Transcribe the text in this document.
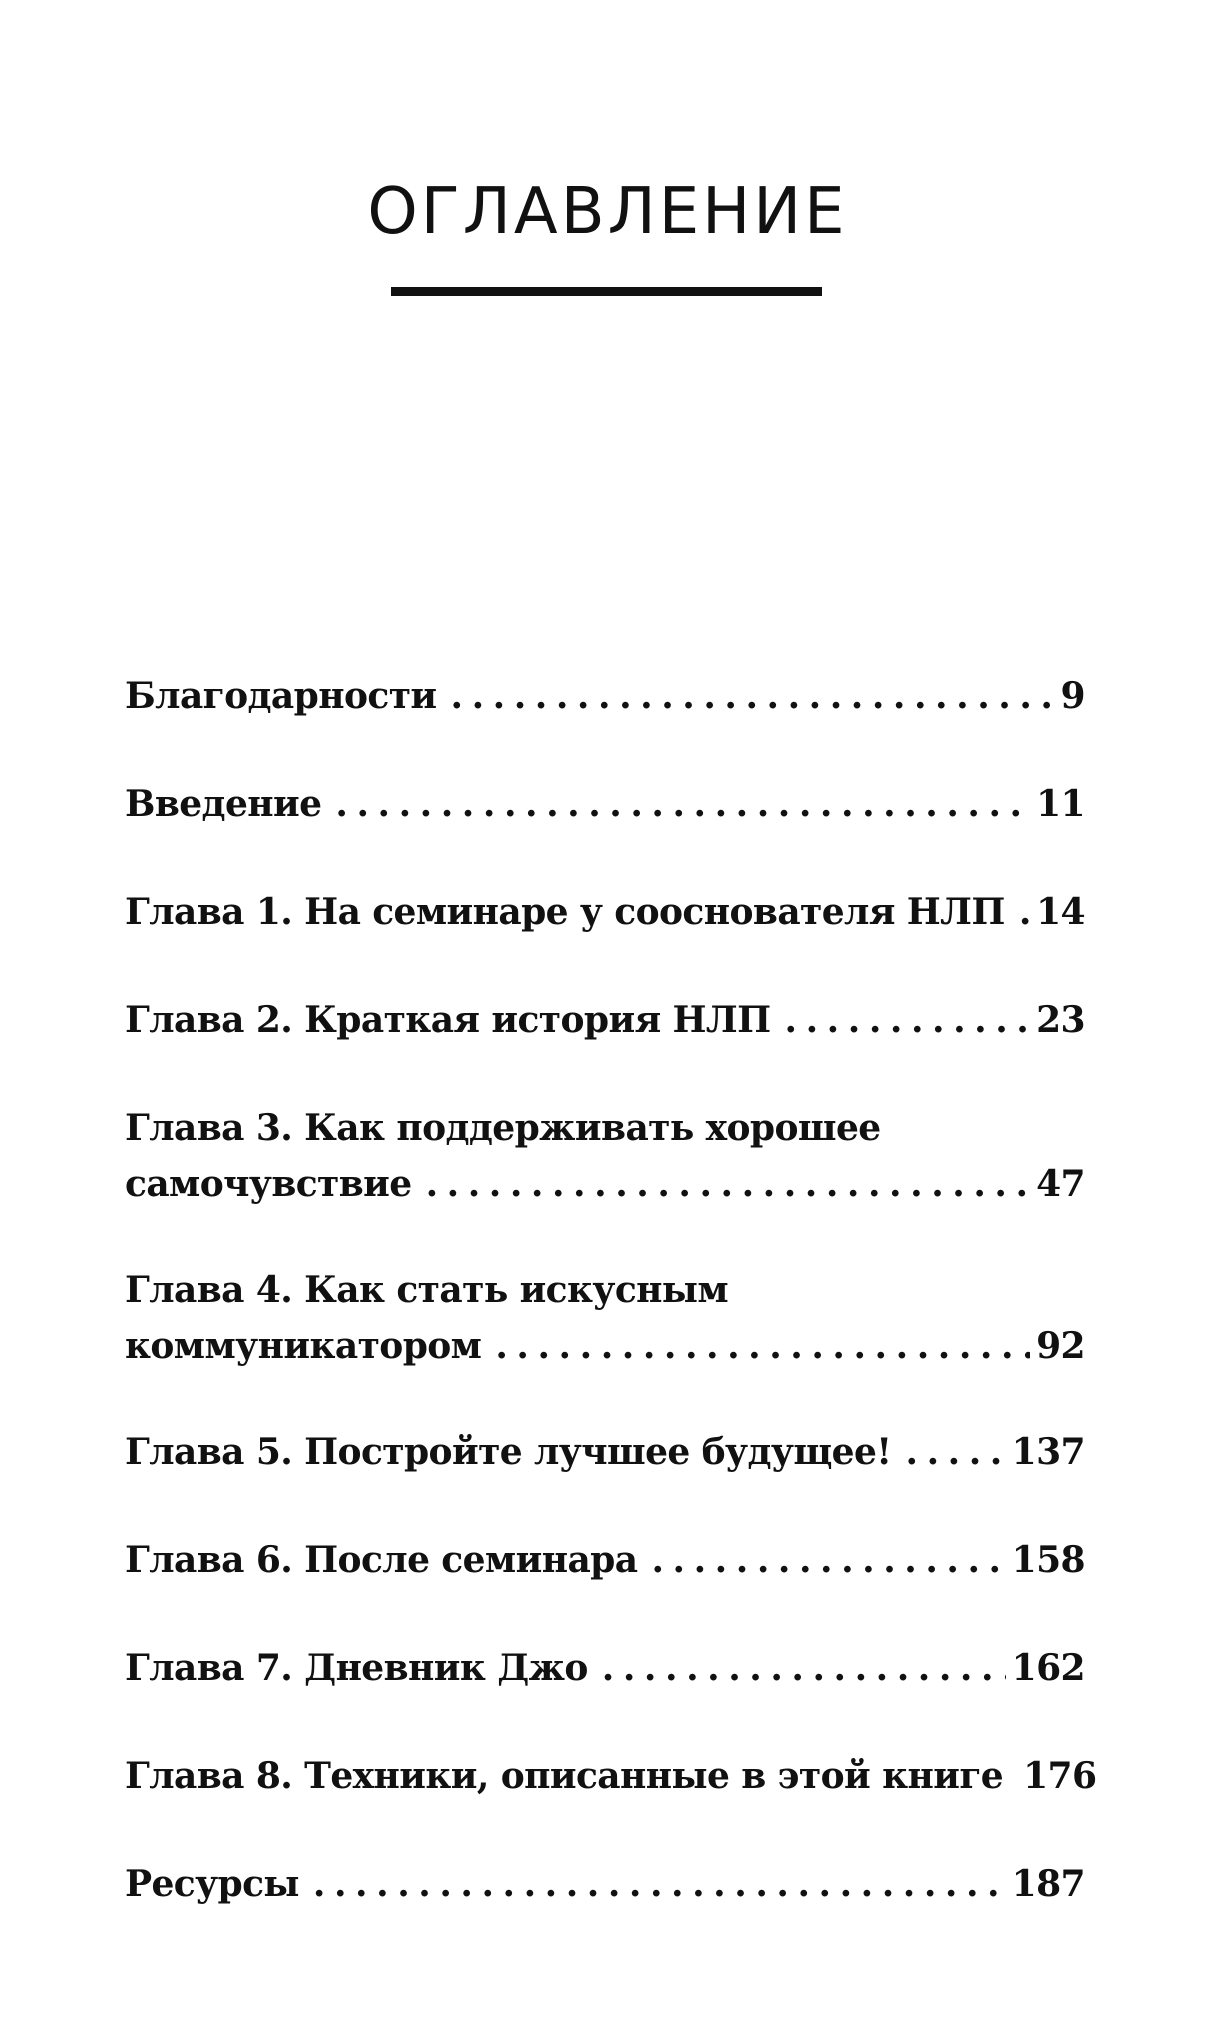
ОГЛАВЛЕНИЕ
Благодарности . . .	9
Введение . . .	11
Глава 1. На семинаре у сооснователя НЛП . . . 14
Глава 2. Краткая история НЛП . . .	23
Глава 3. Как поддерживать хорошее
самочувствие . . .	47
Глава 4. Как стать искусным
коммуникатором . . .	92
Глава 5. Постройте лучшее будущее! . . .	137
Глава 6. После семинара . . .	158
Глава 7. Дневник Джо . . .	162
Глава 8. Техники, описанные в этой книге 176
Ресурсы . . .	187
